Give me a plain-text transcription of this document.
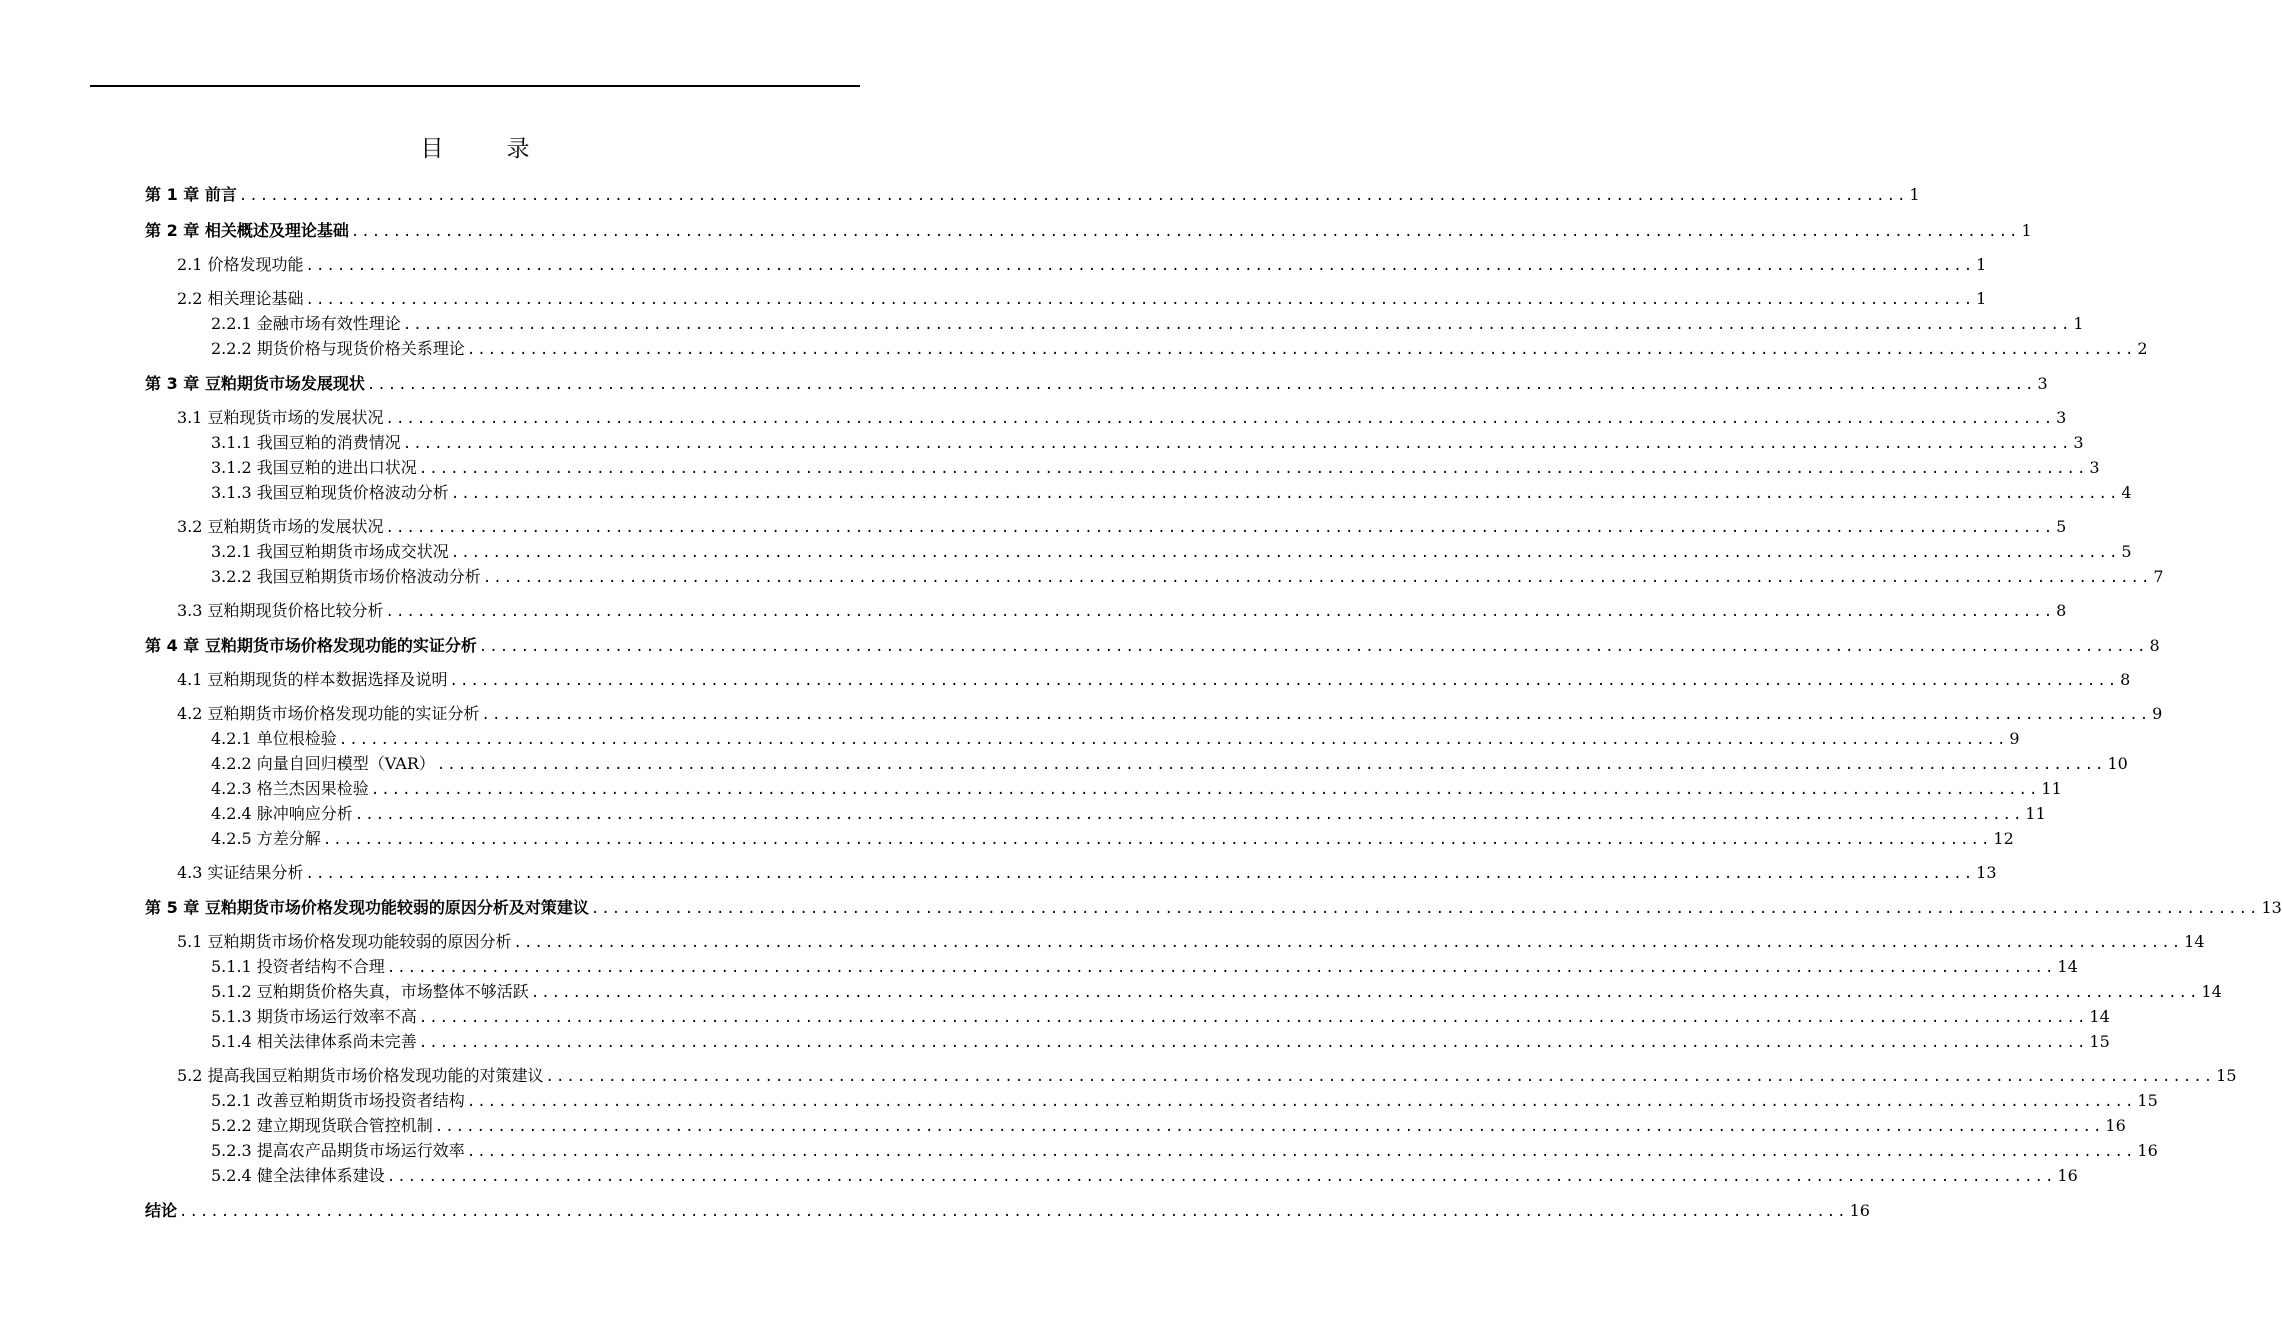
目　录
第 1 章 前言 .....	1
第 2 章 相关概述及理论基础 .....	1
2.1 价格发现功能 .....	1
2.2 相关理论基础 .....	1
2.2.1 金融市场有效性理论 .....	1
2.2.2 期货价格与现货价格关系理论 .....	2
第 3 章 豆粕期货市场发展现状 .....	3
3.1 豆粕现货市场的发展状况 .....	3
3.1.1 我国豆粕的消费情况 .....	3
3.1.2 我国豆粕的进出口状况 .....	3
3.1.3 我国豆粕现货价格波动分析 .....	4
3.2 豆粕期货市场的发展状况 .....	5
3.2.1 我国豆粕期货市场成交状况 .....	5
3.2.2 我国豆粕期货市场价格波动分析 .....	7
3.3 豆粕期现货价格比较分析 .....	8
第 4 章 豆粕期货市场价格发现功能的实证分析 .....	8
4.1 豆粕期现货的样本数据选择及说明 .....	8
4.2 豆粕期货市场价格发现功能的实证分析 .....	9
4.2.1 单位根检验 .....	9
4.2.2 向量自回归模型（VAR） .....	10
4.2.3 格兰杰因果检验 .....	11
4.2.4 脉冲响应分析 .....	11
4.2.5 方差分解 .....	12
4.3 实证结果分析 .....	13
第 5 章 豆粕期货市场价格发现功能较弱的原因分析及对策建议 .....	13
5.1 豆粕期货市场价格发现功能较弱的原因分析 .....	14
5.1.1 投资者结构不合理 .....	14
5.1.2 豆粕期货价格失真，市场整体不够活跃 .....	14
5.1.3 期货市场运行效率不高 .....	14
5.1.4 相关法律体系尚未完善 .....	15
5.2 提高我国豆粕期货市场价格发现功能的对策建议 .....	15
5.2.1 改善豆粕期货市场投资者结构 .....	15
5.2.2 建立期现货联合管控机制 .....	16
5.2.3 提高农产品期货市场运行效率 .....	16
5.2.4 健全法律体系建设 .....	16
结论 .....	16
